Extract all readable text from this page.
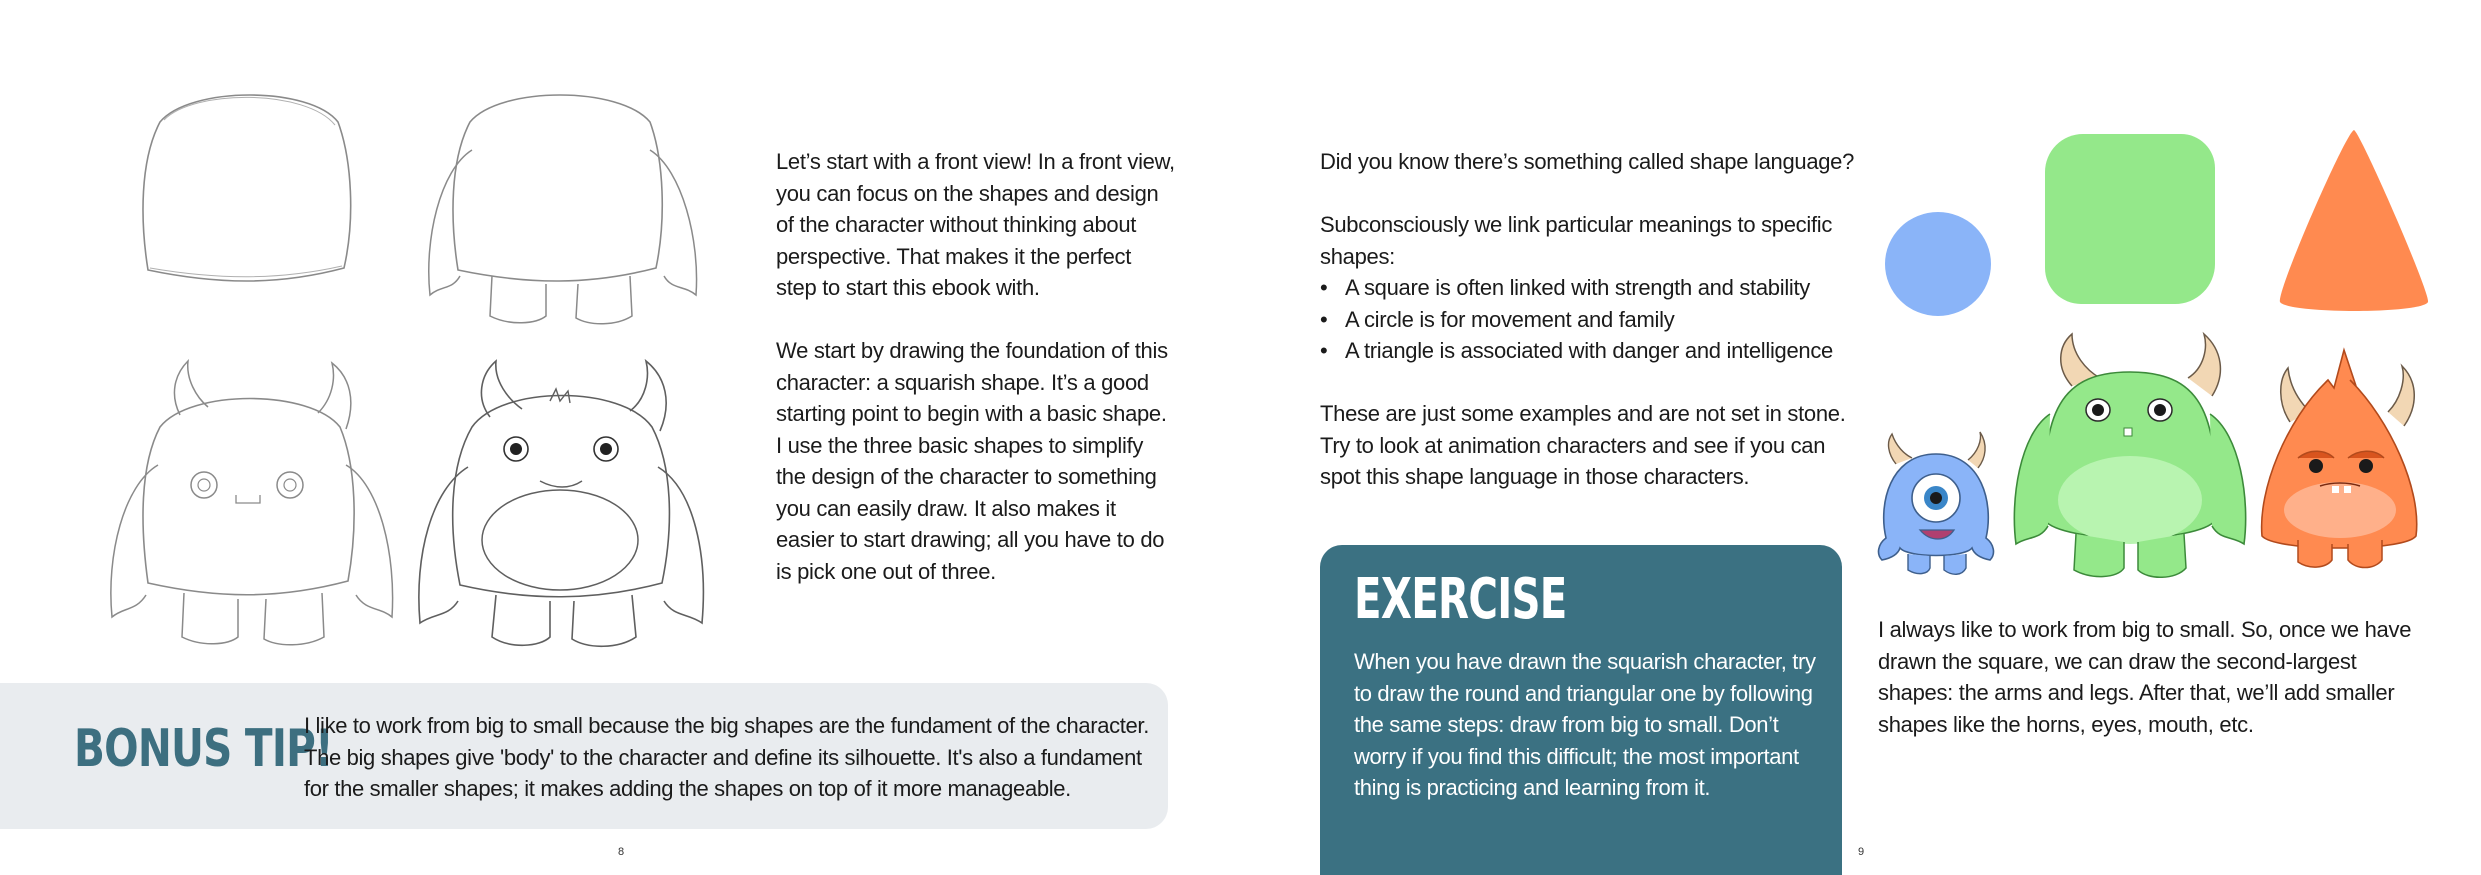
Let’s start with a front view! In a front view, you can focus on the shapes and design of the character without thinking about perspective. That makes it the perfect step to start this ebook with.

We start by drawing the foundation of this character: a squarish shape. It’s a good starting point to begin with a basic shape. I use the three basic shapes to simplify the design of the character to something you can easily draw. It also makes it easier to start drawing; all you have to do is pick one out of three.

BONUS TIP!
I like to work from big to small because the big shapes are the fundament of the character. The big shapes give 'body' to the character and define its silhouette. It's also a fundament for the smaller shapes; it makes adding the shapes on top of it more manageable.
8

Did you know there’s something called shape language?

Subconsciously we link particular meanings to specific shapes:
• A square is often linked with strength and stability
• A circle is for movement and family
• A triangle is associated with danger and intelligence

These are just some examples and are not set in stone. Try to look at animation characters and see if you can spot this shape language in those characters.

EXERCISE
When you have drawn the squarish character, try to draw the round and triangular one by following the same steps: draw from big to small. Don’t worry if you find this difficult; the most important thing is practicing and learning from it.

I always like to work from big to small. So, once we have drawn the square, we can draw the second-largest shapes: the arms and legs. After that, we’ll add smaller shapes like the horns, eyes, mouth, etc.

9
